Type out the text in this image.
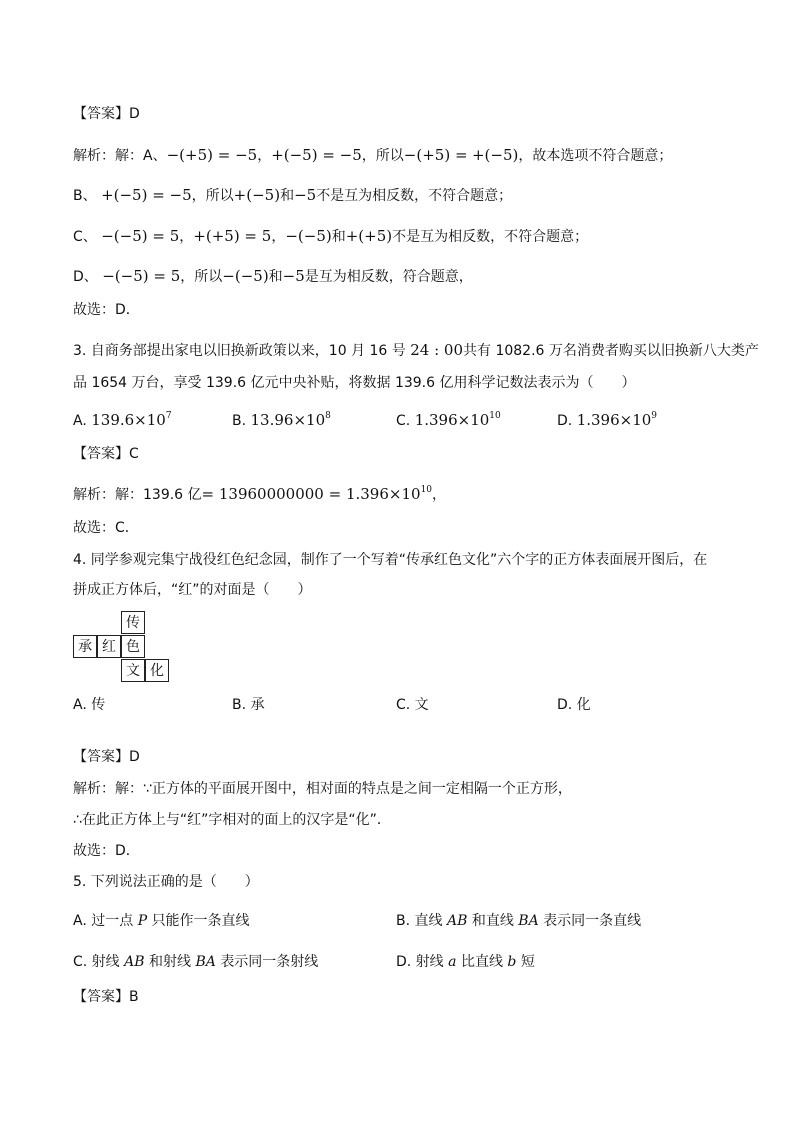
【答案】D
解析：解：A、−(+5) = −5，+(−5) = −5，所以−(+5) = +(−5)，故本选项不符合题意；
B、 +(−5) = −5，所以+(−5)和−5不是互为相反数，不符合题意；
C、 −(−5) = 5，+(+5) = 5，−(−5)和+(+5)不是互为相反数，不符合题意；
D、 −(−5) = 5，所以−(−5)和−5是互为相反数，符合题意，
故选：D．
3. 自商务部提出家电以旧换新政策以来，10 月 16 号 24 : 00共有 1082.6 万名消费者购买以旧换新八大类产
品 1654 万台，享受 139.6 亿元中央补贴，将数据 139.6 亿用科学记数法表示为（　　）
A. $139.6\times 10^7$	B. $13.96\times 10^8$	C. $1.396\times 10^{10}$	D. $1.396\times 10^9$
【答案】C
解析：解：139.6 亿= $13960000000 = 1.396\times 10^{10}$，
故选：C．
4. 同学参观完集宁战役红色纪念园，制作了一个写着“传承红色文化”六个字的正方体表面展开图后，在
拼成正方体后，“红”的对面是（　　）
传
承 红 色
文 化
A. 传	B. 承	C. 文	D. 化
【答案】D
解析：解：∵正方体的平面展开图中，相对面的特点是之间一定相隔一个正方形，
∴在此正方体上与“红”字相对的面上的汉字是“化”．
故选：D．
5. 下列说法正确的是（　　）
A. 过一点 P 只能作一条直线	B. 直线 AB 和直线 BA 表示同一条直线
C. 射线 AB 和射线 BA 表示同一条射线	D. 射线 a 比直线 b 短
【答案】B
